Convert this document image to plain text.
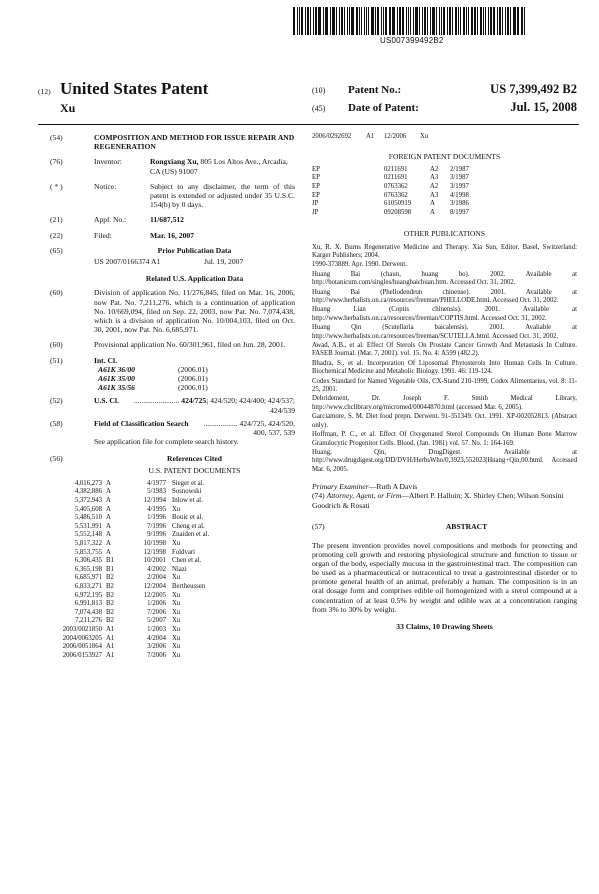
US007399492B2
(12) United States Patent
Xu
(10)	Patent No.:	US 7,399,492 B2
(45)	Date of Patent:	Jul. 15, 2008
(54)	COMPOSITION AND METHOD FOR ISSUE REPAIR AND REGENERATION
(76)	Inventor:	Rongxiang Xu, 805 Los Altos Ave., Arcadia, CA (US) 91007
( * )	Notice:	Subject to any disclaimer, the term of this patent is extended or adjusted under 35 U.S.C. 154(b) by 0 days.
(21)	Appl. No.:	11/687,512
(22)	Filed:	Mar. 16, 2007
(65)	Prior Publication Data
US 2007/0166374 A1	Jul. 19, 2007
Related U.S. Application Data
(60)	Division of application No. 11/276,845, filed on Mar. 16, 2006, now Pat. No. 7,211,276, which is a continuation of application No. 10/669,094, filed on Sep. 22, 2003, now Pat. No. 7,074,438, which is a division of application No. 10/004,103, filed on Oct. 30, 2001, now Pat. No. 6,685,971.
(60)	Provisional application No. 60/301,961, filed on Jun. 28, 2001.
(51)	Int. Cl.
A61K 36/00	(2006.01)
A61K 35/00	(2006.01)
A61K 35/56	(2006.01)
(52)	U.S. Cl. ........................ 424/725; 424/520; 424/400; 424/537; 424/539
(58)	Field of Classification Search .................. 424/725, 424/520, 400, 537, 539
See application file for complete search history.
(56)	References Cited
U.S. PATENT DOCUMENTS
4,016,273	A	4/1977	Sieger et al.
4,382,886	A	5/1983	Sosnowski
5,372,943	A	12/1994	Inlow et al.
5,405,608	A	4/1995	Xu
5,486,510	A	1/1996	Bouic et al.
5,531,991	A	7/1996	Cheng et al.
5,552,148	A	9/1996	Znaiden et al.
5,817,322	A	10/1998	Xu
5,853,755	A	12/1998	Foldvari
6,306,435	B1	10/2001	Chen et al.
6,365,198	B1	4/2002	Niazi
6,685,971	B2	2/2004	Xu
6,833,271	B2	12/2004	Bertheussen
6,972,195	B2	12/2005	Xu
6,991,813	B2	1/2006	Xu
7,074,438	B2	7/2006	Xu
7,211,276	B2	5/2007	Xu
2003/0021850	A1	1/2003	Xu
2004/0063205	A1	4/2004	Xu
2006/0051864	A1	3/2006	Xu
2006/0153927	A1	7/2006	Xu
2006/0292692	A1	12/2006	Xu
FOREIGN PATENT DOCUMENTS
EP	0211691	A2	2/1987
EP	0211691	A3	3/1987
EP	0763362	A2	3/1997
EP	0763362	A3	4/1998
JP	61050919	A	3/1986
JP	09208598	A	8/1997
OTHER PUBLICATIONS

Xu, R. X. Burns Regenerative Medicine and Therapy. Xia Sun, Editor. Basel, Switzerland: Karger Publishers; 2004.

1990-373889. Apr. 1990. Derwent.

Huang Bai (chaun, huang bo). 2002. Available at http://botanicum.com/singles/huangbaichuan.htm. Accessed Oct. 31, 2002.

Huang Bai (Phellodendron chinense). 2001. Available at http://www.herbalists.on.ca/resources/freeman/PHELLODE.html. Accessed Oct. 31, 2002.

Huang Lian (Coptis chinensis). 2001. Available at http://www.herbalists.on.ca/resources/freeman/COPTIS.html. Accessed Oct. 31, 2002.

Huang Qin (Scutellaria baicalensis). 2001. Avaliable at http://www.herbalists.on.ca/resources/freeman/SCUTELLA.html. Accessed Oct. 31, 2002.

Awad, A.B., et al. Effect Of Sterols On Prostate Cancer Growth And Metastasis In Culture. FASEB Journal. (Mar. 7, 2001). vol. 15. No. 4: A599 (482.2).

Bhadra, S., et al. Incorporation Of Liposomal Phytosterols Into Human Cells In Culture. Biochemical Medicine and Metabolic Biology. 1991. 46: 119-124.

Codex Standard for Named Vegetable Oils, CX-Stand 210-1999, Codex Alimentarius, vol. 8: 11-25, 2001.

Debridement, Dr. Joseph F. Smith Medical Library, http://www.chclibrary.org/micromed/00044870.html (accessed Mar. 6, 2005).

Garciamore, S. M. Diet food prepn. Derwent. 91-351349. Oct. 1991. XP-002052813. (Abstract only).

Hoffman, P. C., et al. Effect Of Oxygenated Sterol Compounds On Human Bone Marrow Granulocytic Progenitor Cells. Blood. (Jan. 1981) vol. 57. No. 1: 164-169.

Huang, Qin, DrugDigest. Available at http://www.drugdigest.org/DD/DVH/HerbsWho/0,3923,552023|Huang+Qin,00.html. Accessed Mar. 6, 2005.

Primary Examiner—Ruth A Davis
(74) Attorney, Agent, or Firm—Albert P. Halluin; X. Shirley Chen; Wilson Sonsini Goodrich & Rosati
(57)	ABSTRACT
The present invention provides novel compositions and methods for protecting and promoting cell growth and restoring physiological structure and function to tissue or organ of the body, especially mucosa in the gastrointestinal tract. The composition can be used as a pharmaceutical or nutraceutical to treat a gastrointestinal disorder or to promote general health of an animal, preferably a human. The composition is in an oral dosage form and comprises edible oil homogenized with a sterol compound at a concentration of at least 0.5% by weight and edible wax at a concentration ranging from 3% to 30% by weight.
33 Claims, 10 Drawing Sheets
